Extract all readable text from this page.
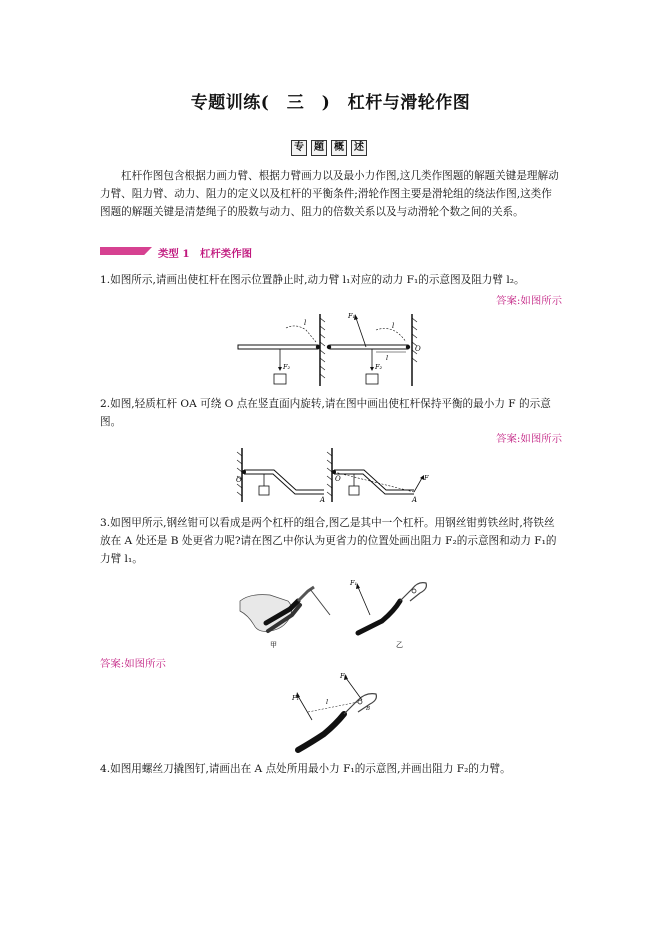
专题训练(　三　)　杠杆与滑轮作图
专	题	概	述
杠杆作图包含根据力画力臂、根据力臂画力以及最小力作图,这几类作图题的解题关键是理解动力臂、阻力臂、动力、阻力的定义以及杠杆的平衡条件;滑轮作图主要是滑轮组的绕法作图,这类作图题的解题关键是清楚绳子的股数与动力、阻力的倍数关系以及与动滑轮个数之间的关系。
类型 1　杠杆类作图
1.如图所示,请画出使杠杆在图示位置静止时,动力臂 l₁对应的动力 F₁的示意图及阻力臂 l₂。
答案:如图所示
l
F₂
O
F₁
l
l
F₂
2.如图,轻质杠杆 OA 可绕 O 点在竖直面内旋转,请在图中画出使杠杆保持平衡的最小力 F 的示意图。
答案:如图所示
O
A
O	F
A
3.如图甲所示,钢丝钳可以看成是两个杠杆的组合,图乙是其中一个杠杆。用钢丝钳剪铁丝时,将铁丝放在 A 处还是 B 处更省力呢?请在图乙中你认为更省力的位置处画出阻力 F₂的示意图和动力 F₁的力臂 l₁。
甲
F₁
乙
答案:如图所示
F₁	l
F₂
B
4.如图用螺丝刀撬图钉,请画出在 A 点处所用最小力 F₁的示意图,并画出阻力 F₂的力臂。
